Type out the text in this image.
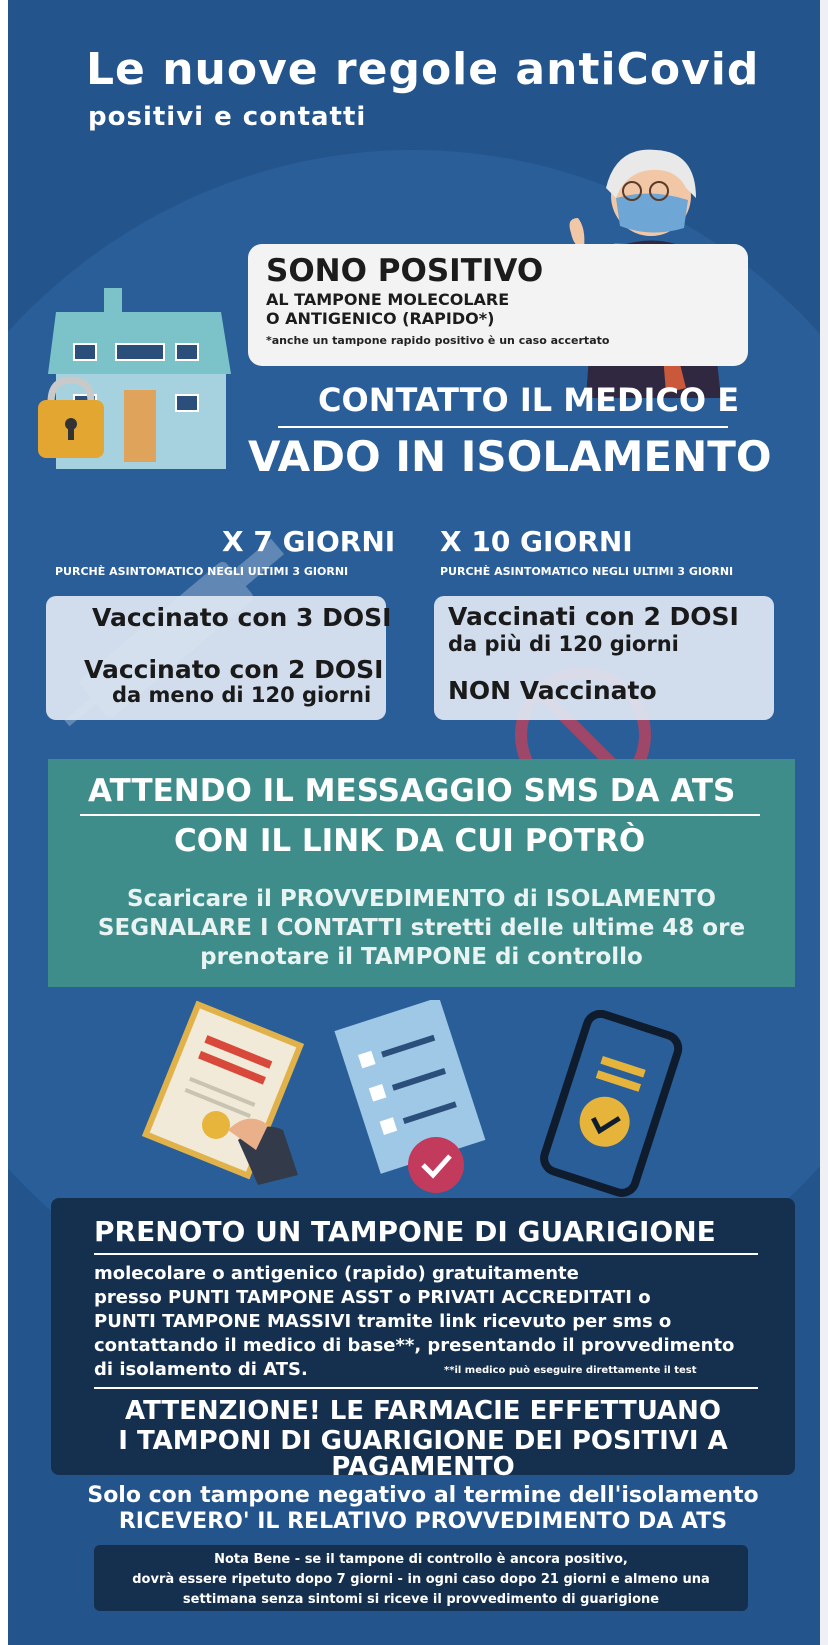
Le nuove regole antiCovid
positivi e contatti
SONO POSITIVO
AL TAMPONE MOLECOLARE
O ANTIGENICO (RAPIDO*)
*anche un tampone rapido positivo è un caso accertato
CONTATTO IL MEDICO E
VADO IN ISOLAMENTO
X 7 GIORNI
PURCHÈ ASINTOMATICO NEGLI ULTIMI 3 GIORNI
X 10 GIORNI
PURCHÈ ASINTOMATICO NEGLI ULTIMI 3 GIORNI
Vaccinato con 3 DOSI
Vaccinato con 2 DOSI
da meno di 120 giorni
Vaccinati con 2 DOSI
da più di 120 giorni
NON Vaccinato
ATTENDO IL MESSAGGIO SMS DA ATS
CON IL LINK DA CUI POTRÒ
Scaricare il PROVVEDIMENTO di ISOLAMENTO
SEGNALARE I CONTATTI stretti delle ultime 48 ore
prenotare il TAMPONE di controllo
PRENOTO UN TAMPONE DI GUARIGIONE
molecolare o antigenico (rapido) gratuitamente
presso PUNTI TAMPONE ASST o PRIVATI ACCREDITATI o
PUNTI TAMPONE MASSIVI tramite link ricevuto per sms o
contattando il medico di base**, presentando il provvedimento
di isolamento di ATS.	**il medico può eseguire direttamente il test
ATTENZIONE! LE FARMACIE EFFETTUANO
I TAMPONI DI GUARIGIONE DEI POSITIVI A PAGAMENTO
Solo con tampone negativo al termine dell'isolamento
RICEVERO' IL RELATIVO PROVVEDIMENTO DA ATS
Nota Bene - se il tampone di controllo è ancora positivo,
dovrà essere ripetuto dopo 7 giorni - in ogni caso dopo 21 giorni e almeno una
settimana senza sintomi si riceve il provvedimento di guarigione
